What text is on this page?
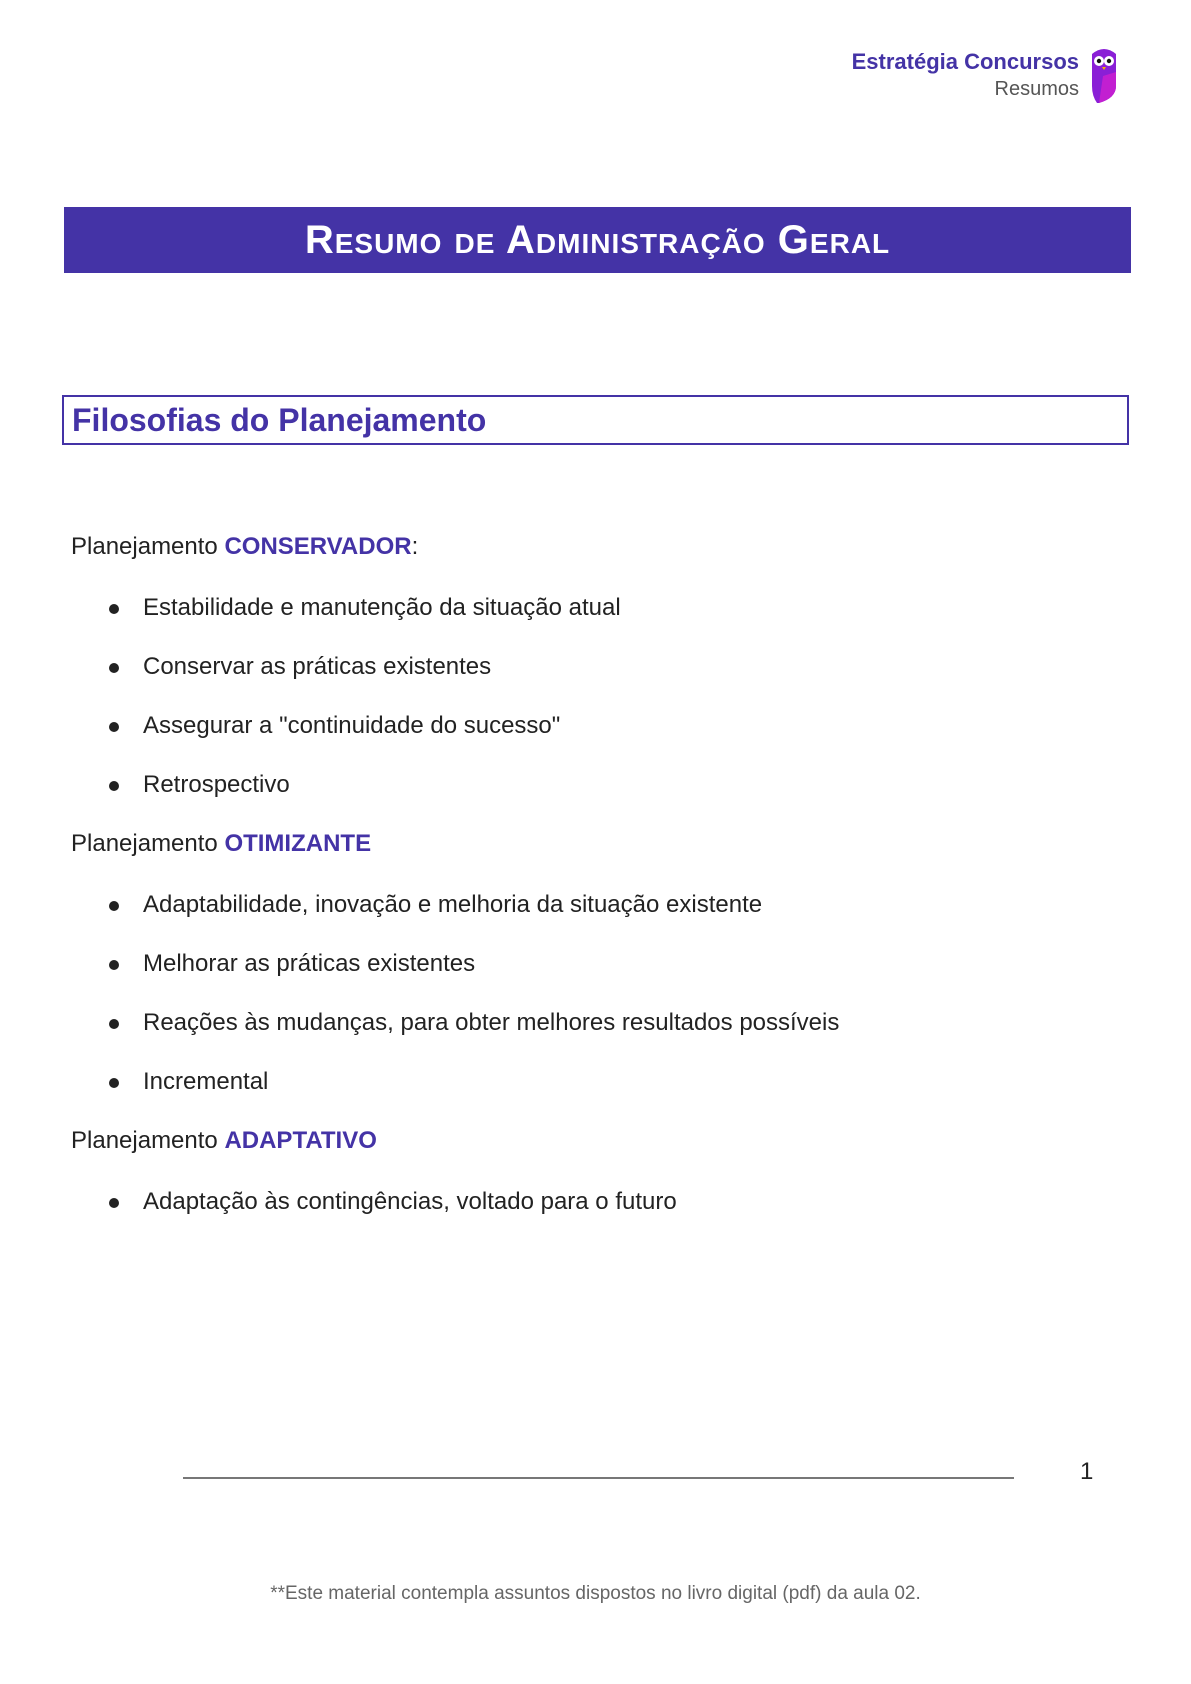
Estratégia Concursos
Resumos
Resumo de Administração Geral
Filosofias do Planejamento
Planejamento CONSERVADOR:
Estabilidade e manutenção da situação atual
Conservar as práticas existentes
Assegurar a "continuidade do sucesso"
Retrospectivo
Planejamento OTIMIZANTE
Adaptabilidade, inovação e melhoria da situação existente
Melhorar as práticas existentes
Reações às mudanças, para obter melhores resultados possíveis
Incremental
Planejamento ADAPTATIVO
Adaptação às contingências, voltado para o futuro
1
**Este material contempla assuntos dispostos no livro digital (pdf) da aula 02.
